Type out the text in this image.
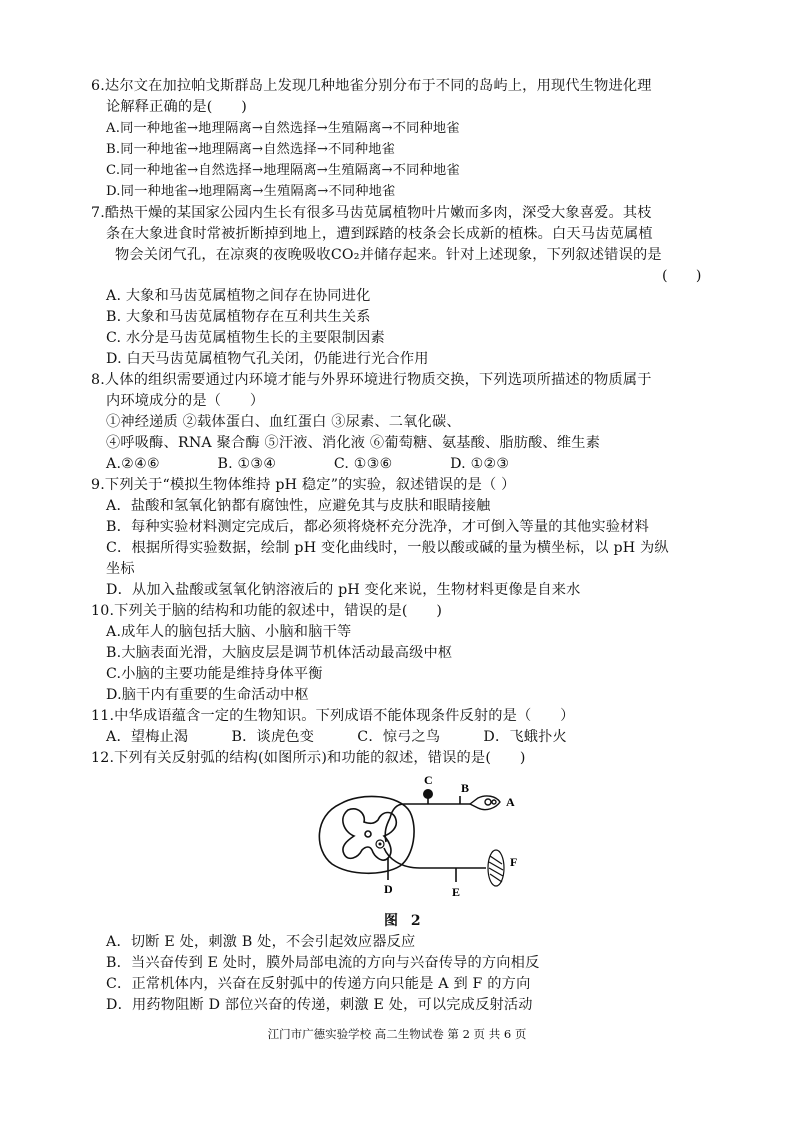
6.达尔文在加拉帕戈斯群岛上发现几种地雀分别分布于不同的岛屿上，用现代生物进化理
论解释正确的是(　　)
A.同一种地雀→地理隔离→自然选择→生殖隔离→不同种地雀
B.同一种地雀→地理隔离→自然选择→不同种地雀
C.同一种地雀→自然选择→地理隔离→生殖隔离→不同种地雀
D.同一种地雀→地理隔离→生殖隔离→不同种地雀
7.酷热干燥的某国家公园内生长有很多马齿苋属植物叶片嫩而多肉，深受大象喜爱。其枝
条在大象进食时常被折断掉到地上，遭到踩踏的枝条会长成新的植株。白天马齿苋属植
物会关闭气孔，在凉爽的夜晚吸收CO₂并储存起来。针对上述现象，下列叙述错误的是
(　　)
A. 大象和马齿苋属植物之间存在协同进化
B. 大象和马齿苋属植物存在互利共生关系
C. 水分是马齿苋属植物生长的主要限制因素
D. 白天马齿苋属植物气孔关闭，仍能进行光合作用
8.人体的组织需要通过内环境才能与外界环境进行物质交换，下列选项所描述的物质属于
内环境成分的是（　　）
①神经递质 ②载体蛋白、血红蛋白 ③尿素、二氧化碳、
④呼吸酶、RNA 聚合酶 ⑤汗液、消化液 ⑥葡萄糖、氨基酸、脂肪酸、维生素
A.②④⑥　　　　B. ①③④　　　　C. ①③⑥　　　　D. ①②③
9.下列关于“模拟生物体维持 pH 稳定”的实验，叙述错误的是（ ）
A．盐酸和氢氧化钠都有腐蚀性，应避免其与皮肤和眼睛接触
B．每种实验材料测定完成后，都必须将烧杯充分洗净，才可倒入等量的其他实验材料
C．根据所得实验数据，绘制 pH 变化曲线时，一般以酸或碱的量为横坐标，以 pH 为纵
坐标
D．从加入盐酸或氢氧化钠溶液后的 pH 变化来说，生物材料更像是自来水
10.下列关于脑的结构和功能的叙述中，错误的是(　　)
A.成年人的脑包括大脑、小脑和脑干等
B.大脑表面光滑，大脑皮层是调节机体活动最高级中枢
C.小脑的主要功能是维持身体平衡
D.脑干内有重要的生命活动中枢
11.中华成语蕴含一定的生物知识。下列成语不能体现条件反射的是（　　）
A．望梅止渴　　　B．谈虎色变　　　C．惊弓之鸟　　　D．飞蛾扑火
12.下列有关反射弧的结构(如图所示)和功能的叙述，错误的是(　　)
C
B
A
F
D	E
图 2
A．切断 E 处，刺激 B 处，不会引起效应器反应
B．当兴奋传到 E 处时，膜外局部电流的方向与兴奋传导的方向相反
C．正常机体内，兴奋在反射弧中的传递方向只能是 A 到 F 的方向
D．用药物阻断 D 部位兴奋的传递，刺激 E 处，可以完成反射活动
江门市广德实验学校 高二生物试卷 第 2 页 共 6 页
